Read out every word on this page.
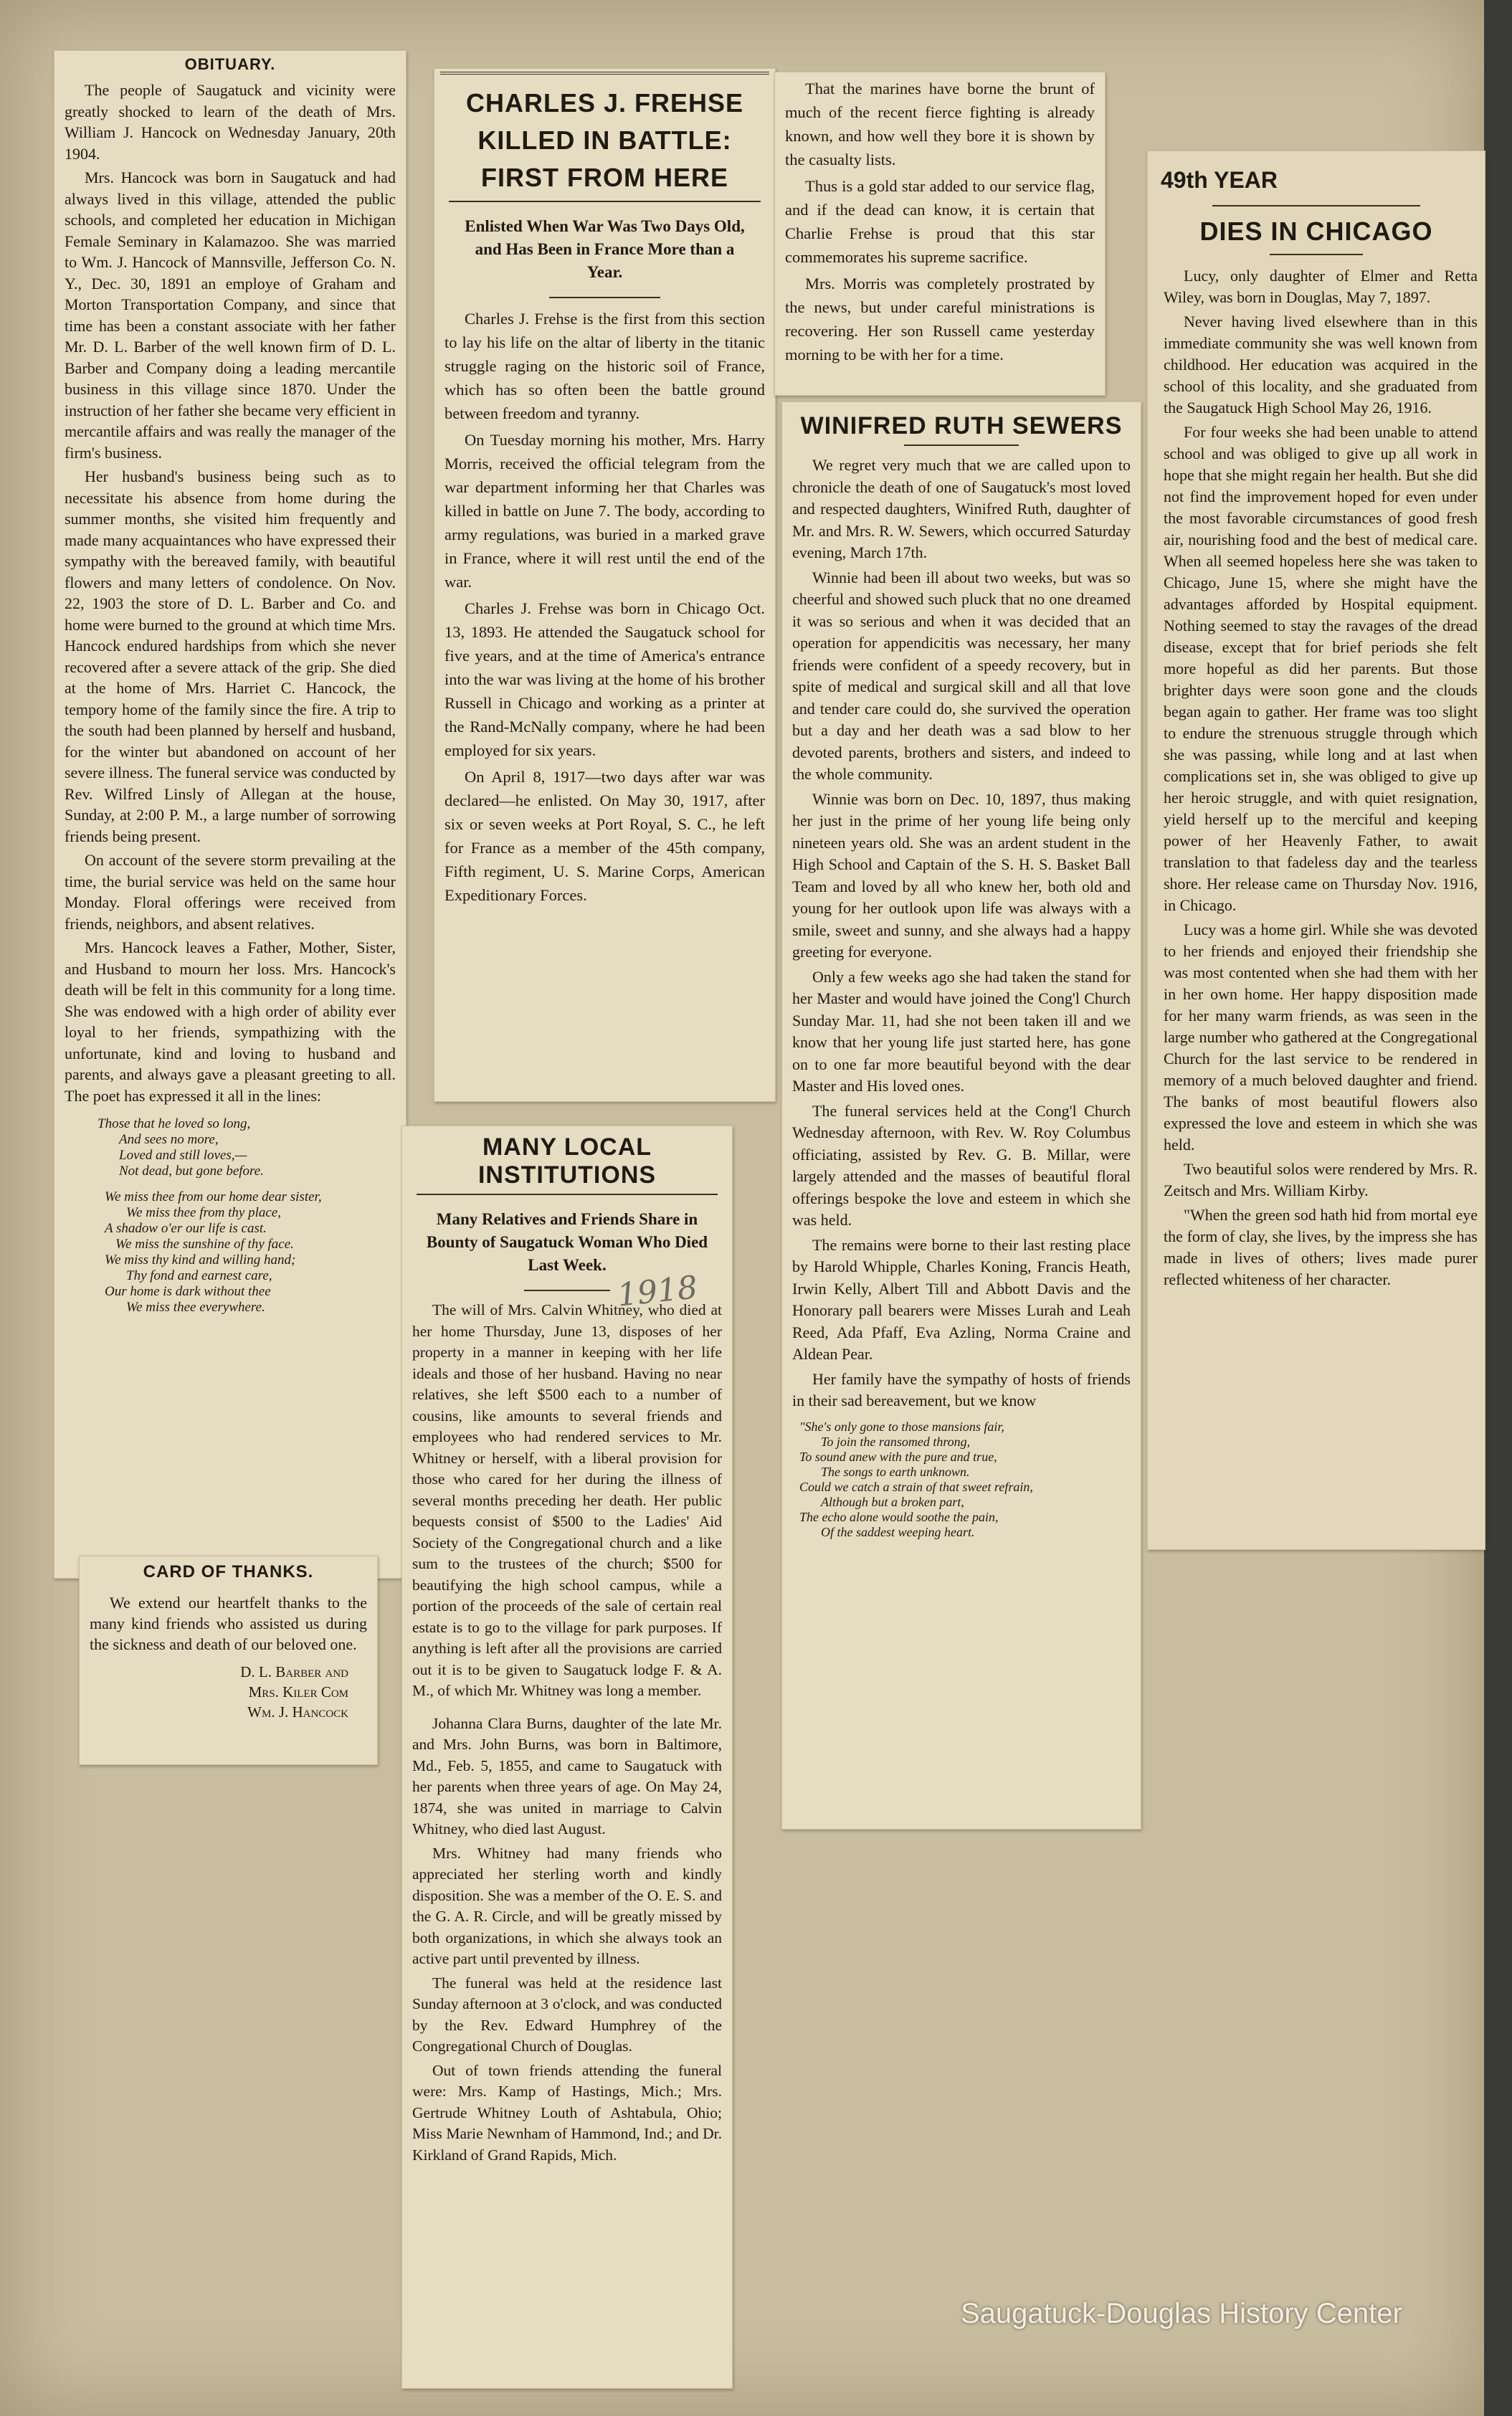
OBITUARY.

The people of Saugatuck and vicinity were greatly shocked to learn of the death of Mrs. William J. Hancock on Wednesday January, 20th 1904.

Mrs. Hancock was born in Saugatuck and had always lived in this village, attended the public schools, and completed her education in Michigan Female Seminary in Kalamazoo. She was married to Wm. J. Hancock of Mannsville, Jefferson Co. N. Y., Dec. 30, 1891 an employe of Graham and Morton Transportation Company, and since that time has been a constant associate with her father Mr. D. L. Barber of the well known firm of D. L. Barber and Company doing a leading mercantile business in this village since 1870. Under the instruction of her father she became very efficient in mercantile affairs and was really the manager of the firm's business.

Her husband's business being such as to necessitate his absence from home during the summer months, she visited him frequently and made many acquaintances who have expressed their sympathy with the bereaved family, with beautiful flowers and many letters of condolence. On Nov. 22, 1903 the store of D. L. Barber and Co. and home were burned to the ground at which time Mrs. Hancock endured hardships from which she never recovered after a severe attack of the grip. She died at the home of Mrs. Harriet C. Hancock, the tempory home of the family since the fire. A trip to the south had been planned by herself and husband, for the winter but abandoned on account of her severe illness. The funeral service was conducted by Rev. Wilfred Linsly of Allegan at the house, Sunday, at 2:00 P. M., a large number of sorrowing friends being present.

On account of the severe storm prevailing at the time, the burial service was held on the same hour Monday. Floral offerings were received from friends, neighbors, and absent relatives.

Mrs. Hancock leaves a Father, Mother, Sister, and Husband to mourn her loss. Mrs. Hancock's death will be felt in this community for a long time. She was endowed with a high order of ability ever loyal to her friends, sympathizing with the unfortunate, kind and loving to husband and parents, and always gave a pleasant greeting to all. The poet has expressed it all in the lines:

Those that he loved so long,
And sees no more,
Loved and still loves,—
Not dead, but gone before.
We miss thee from our home dear sister,
We miss thee from thy place,
A shadow o'er our life is cast.
We miss the sunshine of thy face.
We miss thy kind and willing hand;
Thy fond and earnest care,
Our home is dark without thee
We miss thee everywhere.
CARD OF THANKS.

We extend our heartfelt thanks to the many kind friends who assisted us during the sickness and death of our beloved one.

D. L. Barber and
Mrs. Kiler Com
Wm. J. Hancock
CHARLES J. FREHSE KILLED IN BATTLE: FIRST FROM HERE
Enlisted When War Was Two Days Old, and Has Been in France More than a Year.

Charles J. Frehse is the first from this section to lay his life on the altar of liberty in the titanic struggle raging on the historic soil of France, which has so often been the battle ground between freedom and tyranny.

On Tuesday morning his mother, Mrs. Harry Morris, received the official telegram from the war department informing her that Charles was killed in battle on June 7. The body, according to army regulations, was buried in a marked grave in France, where it will rest until the end of the war.

Charles J. Frehse was born in Chicago Oct. 13, 1893. He attended the Saugatuck school for five years, and at the time of America's entrance into the war was living at the home of his brother Russell in Chicago and working as a printer at the Rand-McNally company, where he had been employed for six years.

On April 8, 1917—two days after war was declared—he enlisted. On May 30, 1917, after six or seven weeks at Port Royal, S. C., he left for France as a member of the 45th company, Fifth regiment, U. S. Marine Corps, American Expeditionary Forces.

That the marines have borne the brunt of much of the recent fierce fighting is already known, and how well they bore it is shown by the casualty lists.

Thus is a gold star added to our service flag, and if the dead can know, it is certain that Charlie Frehse is proud that this star commemorates his supreme sacrifice.

Mrs. Morris was completely prostrated by the news, but under careful ministrations is recovering. Her son Russell came yesterday morning to be with her for a time.

MANY LOCAL INSTITUTIONS
Many Relatives and Friends Share in Bounty of Saugatuck Woman Who Died Last Week.

The will of Mrs. Calvin Whitney, who died at her home Thursday, June 13, disposes of her property in a manner in keeping with her life ideals and those of her husband. Having no near relatives, she left $500 each to a number of cousins, like amounts to several friends and employees who had rendered services to Mr. Whitney or herself, with a liberal provision for those who cared for her during the illness of several months preceding her death. Her public bequests consist of $500 to the Ladies' Aid Society of the Congregational church and a like sum to the trustees of the church; $500 for beautifying the high school campus, while a portion of the proceeds of the sale of certain real estate is to go to the village for park purposes. If anything is left after all the provisions are carried out it is to be given to Saugatuck lodge F. & A. M., of which Mr. Whitney was long a member.

Johanna Clara Burns, daughter of the late Mr. and Mrs. John Burns, was born in Baltimore, Md., Feb. 5, 1855, and came to Saugatuck with her parents when three years of age. On May 24, 1874, she was united in marriage to Calvin Whitney, who died last August.

Mrs. Whitney had many friends who appreciated her sterling worth and kindly disposition. She was a member of the O. E. S. and the G. A. R. Circle, and will be greatly missed by both organizations, in which she always took an active part until prevented by illness.

The funeral was held at the residence last Sunday afternoon at 3 o'clock, and was conducted by the Rev. Edward Humphrey of the Congregational Church of Douglas.

Out of town friends attending the funeral were: Mrs. Kamp of Hastings, Mich.; Mrs. Gertrude Whitney Louth of Ashtabula, Ohio; Miss Marie Newnham of Hammond, Ind.; and Dr. Kirkland of Grand Rapids, Mich.

1918
WINIFRED RUTH SEWERS

We regret very much that we are called upon to chronicle the death of one of Saugatuck's most loved and respected daughters, Winifred Ruth, daughter of Mr. and Mrs. R. W. Sewers, which occurred Saturday evening, March 17th.

Winnie had been ill about two weeks, but was so cheerful and showed such pluck that no one dreamed it was so serious and when it was decided that an operation for appendicitis was necessary, her many friends were confident of a speedy recovery, but in spite of medical and surgical skill and all that love and tender care could do, she survived the operation but a day and her death was a sad blow to her devoted parents, brothers and sisters, and indeed to the whole community.

Winnie was born on Dec. 10, 1897, thus making her just in the prime of her young life being only nineteen years old. She was an ardent student in the High School and Captain of the S. H. S. Basket Ball Team and loved by all who knew her, both old and young for her outlook upon life was always with a smile, sweet and sunny, and she always had a happy greeting for everyone.

Only a few weeks ago she had taken the stand for her Master and would have joined the Cong'l Church Sunday Mar. 11, had she not been taken ill and we know that her young life just started here, has gone on to one far more beautiful beyond with the dear Master and His loved ones.

The funeral services held at the Cong'l Church Wednesday afternoon, with Rev. W. Roy Columbus officiating, assisted by Rev. G. B. Millar, were largely attended and the masses of beautiful floral offerings bespoke the love and esteem in which she was held.

The remains were borne to their last resting place by Harold Whipple, Charles Koning, Francis Heath, Irwin Kelly, Albert Till and Abbott Davis and the Honorary pall bearers were Misses Lurah and Leah Reed, Ada Pfaff, Eva Azling, Norma Craine and Aldean Pear.

Her family have the sympathy of hosts of friends in their sad bereavement, but we know

"She's only gone to those mansions fair,
To join the ransomed throng,
To sound anew with the pure and true,
The songs to earth unknown.
Could we catch a strain of that sweet refrain,
Although but a broken part,
The echo alone would soothe the pain,
Of the saddest weeping heart.
49th YEAR
DIES IN CHICAGO

Lucy, only daughter of Elmer and Retta Wiley, was born in Douglas, May 7, 1897.

Never having lived elsewhere than in this immediate community she was well known from childhood. Her education was acquired in the school of this locality, and she graduated from the Saugatuck High School May 26, 1916.

For four weeks she had been unable to attend school and was obliged to give up all work in hope that she might regain her health. But she did not find the improvement hoped for even under the most favorable circumstances of good fresh air, nourishing food and the best of medical care. When all seemed hopeless here she was taken to Chicago, June 15, where she might have the advantages afforded by Hospital equipment. Nothing seemed to stay the ravages of the dread disease, except that for brief periods she felt more hopeful as did her parents. But those brighter days were soon gone and the clouds began again to gather. Her frame was too slight to endure the strenuous struggle through which she was passing, while long and at last when complications set in, she was obliged to give up her heroic struggle, and with quiet resignation, yield herself up to the merciful and keeping power of her Heavenly Father, to await translation to that fadeless day and the tearless shore. Her release came on Thursday Nov. 1916, in Chicago.

Lucy was a home girl. While she was devoted to her friends and enjoyed their friendship she was most contented when she had them with her in her own home. Her happy disposition made for her many warm friends, as was seen in the large number who gathered at the Congregational Church for the last service to be rendered in memory of a much beloved daughter and friend. The banks of most beautiful flowers also expressed the love and esteem in which she was held.

Two beautiful solos were rendered by Mrs. R. Zeitsch and Mrs. William Kirby.

"When the green sod hath hid from mortal eye the form of clay, she lives, by the impress she has made in lives of others; lives made purer reflected whiteness of her character.

Saugatuck-Douglas History Center
